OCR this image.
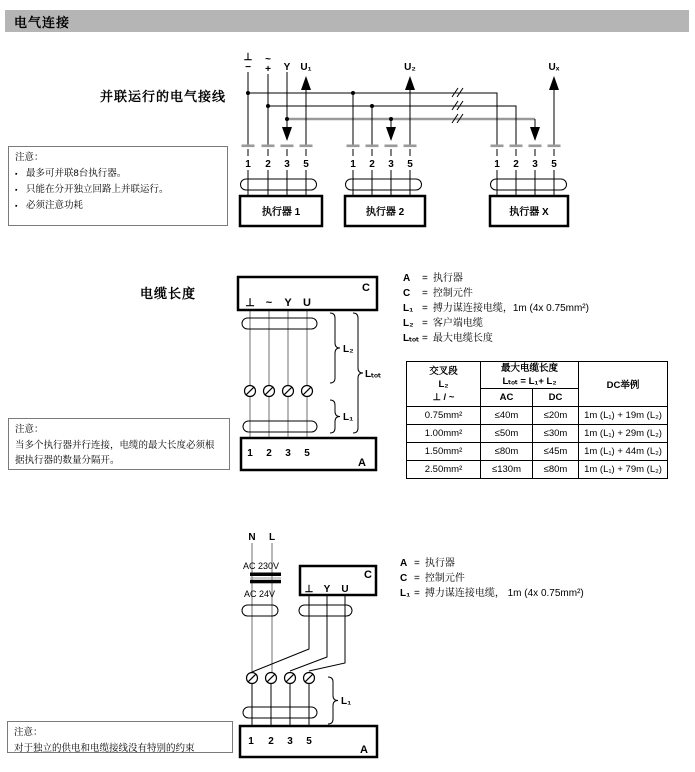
电气连接
并联运行的电气接线
注意：
▪ 最多可并联8台执行器。
▪ 只能在分开独立回路上并联运行。
▪ 必须注意功耗
1 2 3 5	1 2 3 5	1 2 3 5
执行器 1	执行器 2	执行器 X
⊥
−
~
+ Y U₁	U₂	Uₓ
电缆长度
注意：
当多个执行器并行连接，电缆的最大长度必须根据执行器的数量分隔开。
C
⊥ ~ Y U
1 2 3 5
A
L₂
L₁
Lₜₒₜ
A	= 执行器
C	= 控制元件
L₁ = 搏力谋连接电缆，1m (4x 0.75mm²)
L₂ = 客户端电缆
Lₜₒₜ = 最大电缆长度
交叉段
L₂
⊥ / ~	最大电缆长度
Lₜₒₜ = L₁+ L₂		DC举例
	AC	DC	
0.75mm²	≤40m	≤20m	1m (L₁) + 19m (L₂)
1.00mm²	≤50m	≤30m	1m (L₁) + 29m (L₂)
1.50mm²	≤80m	≤45m	1m (L₁) + 44m (L₂)
2.50mm²	≤130m	≤80m	1m (L₁) + 79m (L₂)
N L
AC 230V
AC 24V
C
⊥ Y U
L₁
1 2 3 5
A
A = 执行器
C = 控制元件
L₁ = 搏力谋连接电缆， 1m (4x 0.75mm²)
注意：
对于独立的供电和电缆接线没有特别的约束
